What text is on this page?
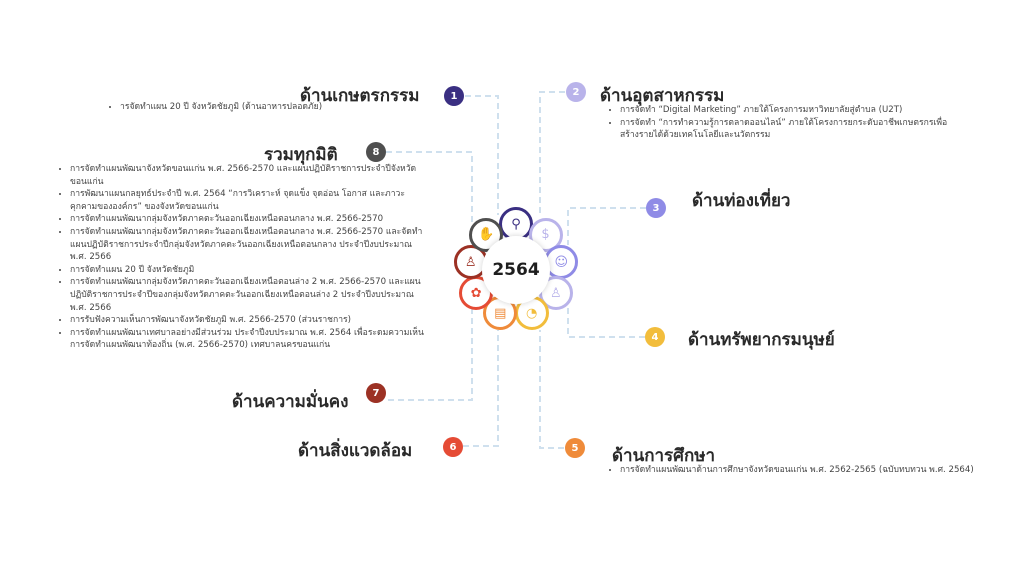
ด้านเกษตรกรรม	1
• ารจัดทำแผน 20 ปี จังหวัดชัยภูมิ (ด้านอาหารปลอดภัย)
รวมทุกมิติ	8
• การจัดทำแผนพัฒนาจังหวัดขอนแก่น พ.ศ. 2566-2570 และแผนปฏิบัติราชการประจำปีจังหวัดขอนแก่น
• การพัฒนาแผนกลยุทธ์ประจำปี พ.ศ. 2564 “การวิเคราะห์ จุดแข็ง จุดอ่อน โอกาส และภาวะคุกคามขององค์กร” ของจังหวัดขอนแก่น
• การจัดทำแผนพัฒนากลุ่มจังหวัดภาคตะวันออกเฉียงเหนือตอนกลาง พ.ศ. 2566-2570
• การจัดทำแผนพัฒนากลุ่มจังหวัดภาคตะวันออกเฉียงเหนือตอนกลาง พ.ศ. 2566-2570 และจัดทำแผนปฏิบัติราชการประจำปีกลุ่มจังหวัดภาคตะวันออกเฉียงเหนือตอนกลาง ประจำปีงบประมาณ พ.ศ. 2566
• การจัดทำแผน 20 ปี จังหวัดชัยภูมิ
• การจัดทำแผนพัฒนากลุ่มจังหวัดภาคตะวันออกเฉียงเหนือตอนล่าง 2 พ.ศ. 2566-2570 และแผนปฏิบัติราชการประจำปีของกลุ่มจังหวัดภาคตะวันออกเฉียงเหนือตอนล่าง 2 ประจำปีงบประมาณ พ.ศ. 2566
• การรับฟังความเห็นการพัฒนาจังหวัดชัยภูมิ พ.ศ. 2566-2570 (ส่วนราชการ)
• การจัดทำแผนพัฒนาเทศบาลอย่างมีส่วนร่วม ประจำปีงบประมาณ พ.ศ. 2564 เพื่อระดมความเห็นการจัดทำแผนพัฒนาท้องถิ่น (พ.ศ. 2566-2570) เทศบาลนครขอนแก่น
ด้านความมั่นคง	7
ด้านสิ่งแวดล้อม	6
2	ด้านอุตสาหกรรม
• การจัดทำ “Digital Marketing” ภายใต้โครงการมหาวิทยาลัยสู่ตำบล (U2T)
• การจัดทำ “การทำความรู้การตลาดออนไลน์” ภายใต้โครงการยกระดับอาชีพเกษตรกรเพื่อสร้างรายได้ด้วยเทคโนโลยีและนวัตกรรม
3	ด้านท่องเที่ยว
4	ด้านทรัพยากรมนุษย์
5	ด้านการศึกษา
• การจัดทำแผนพัฒนาด้านการศึกษาจังหวัดขอนแก่น พ.ศ. 2562-2565 (ฉบับทบทวน พ.ศ. 2564)
⚲
$
☺
♙
◔
▤
✿
♙
✋
2564
